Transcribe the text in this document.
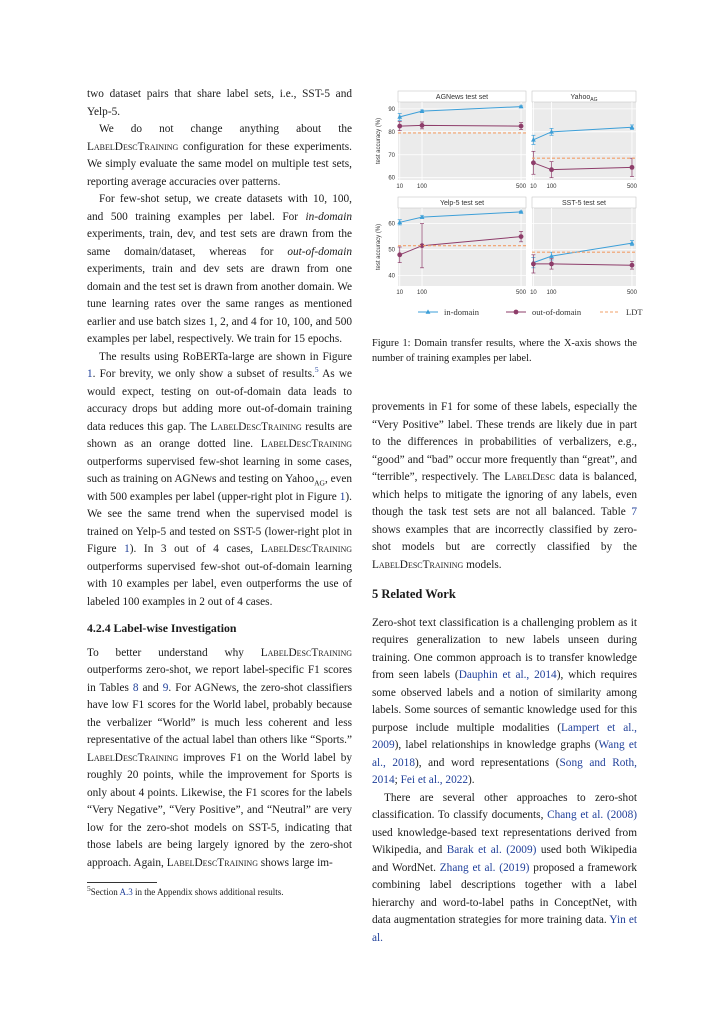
two dataset pairs that share label sets, i.e., SST-5 and Yelp-5.

We do not change anything about the LabelDescTraining configuration for these experiments. We simply evaluate the same model on multiple test sets, reporting average accuracies over patterns.

For few-shot setup, we create datasets with 10, 100, and 500 training examples per label. For in-domain experiments, train, dev, and test sets are drawn from the same domain/dataset, whereas for out-of-domain experiments, train and dev sets are drawn from one domain and the test set is drawn from another domain. We tune learning rates over the same ranges as mentioned earlier and use batch sizes 1, 2, and 4 for 10, 100, and 500 examples per label, respectively. We train for 15 epochs.

The results using RoBERTa-large are shown in Figure 1. For brevity, we only show a subset of results.$^5$ As we would expect, testing on out-of-domain data leads to accuracy drops but adding more out-of-domain training data reduces this gap. The LabelDescTraining results are shown as an orange dotted line. LabelDescTraining outperforms supervised few-shot learning in some cases, such as training on AGNews and testing on Yahoo$_{AG}$, even with 500 examples per label (upper-right plot in Figure 1). We see the same trend when the supervised model is trained on Yelp-5 and tested on SST-5 (lower-right plot in Figure 1). In 3 out of 4 cases, LabelDescTraining outperforms supervised few-shot out-of-domain learning with 10 examples per label, even outperforms the use of labeled 100 examples in 2 out of 4 cases.

4.2.4 Label-wise Investigation

To better understand why LabelDescTraining outperforms zero-shot, we report label-specific F1 scores in Tables 8 and 9. For AGNews, the zero-shot classifiers have low F1 scores for the World label, probably because the verbalizer “World” is much less coherent and less representative of the actual label than others like “Sports.” LabelDescTraining improves F1 on the World label by roughly 20 points, while the improvement for Sports is only about 4 points. Likewise, the F1 scores for the labels “Very Negative”, “Very Positive”, and “Neutral” are very low for the zero-shot models on SST-5, indicating that those labels are being largely ignored by the zero-shot approach. Again, LabelDescTraining shows large im-

$^5$Section A.3 in the Appendix shows additional results.
AGNews test set
60
70
80
90
10 100	500
Yahoo$_{AG}$
10 100	500
Yelp-5 test set
40
50
60
10 100	500
SST-5 test set
10 100	500
test accuracy (%)
test accuracy (%)
in-domain	out-of-domain	LDT
Figure 1: Domain transfer results, where the X-axis shows the number of training examples per label.

provements in F1 for some of these labels, especially the “Very Positive” label. These trends are likely due in part to the differences in probabilities of verbalizers, e.g., “good” and “bad” occur more frequently than “great”, and “terrible”, respectively. The LabelDesc data is balanced, which helps to mitigate the ignoring of any labels, even though the task test sets are not all balanced. Table 7 shows examples that are incorrectly classified by zero-shot models but are correctly classified by the LabelDescTraining models.

5 Related Work

Zero-shot text classification is a challenging problem as it requires generalization to new labels unseen during training. One common approach is to transfer knowledge from seen labels (Dauphin et al., 2014), which requires some observed labels and a notion of similarity among labels. Some sources of semantic knowledge used for this purpose include multiple modalities (Lampert et al., 2009), label relationships in knowledge graphs (Wang et al., 2018), and word representations (Song and Roth, 2014; Fei et al., 2022).

There are several other approaches to zero-shot classification. To classify documents, Chang et al. (2008) used knowledge-based text representations derived from Wikipedia, and Barak et al. (2009) used both Wikipedia and WordNet. Zhang et al. (2019) proposed a framework combining label descriptions together with a label hierarchy and word-to-label paths in ConceptNet, with data augmentation strategies for more training data. Yin et al.
